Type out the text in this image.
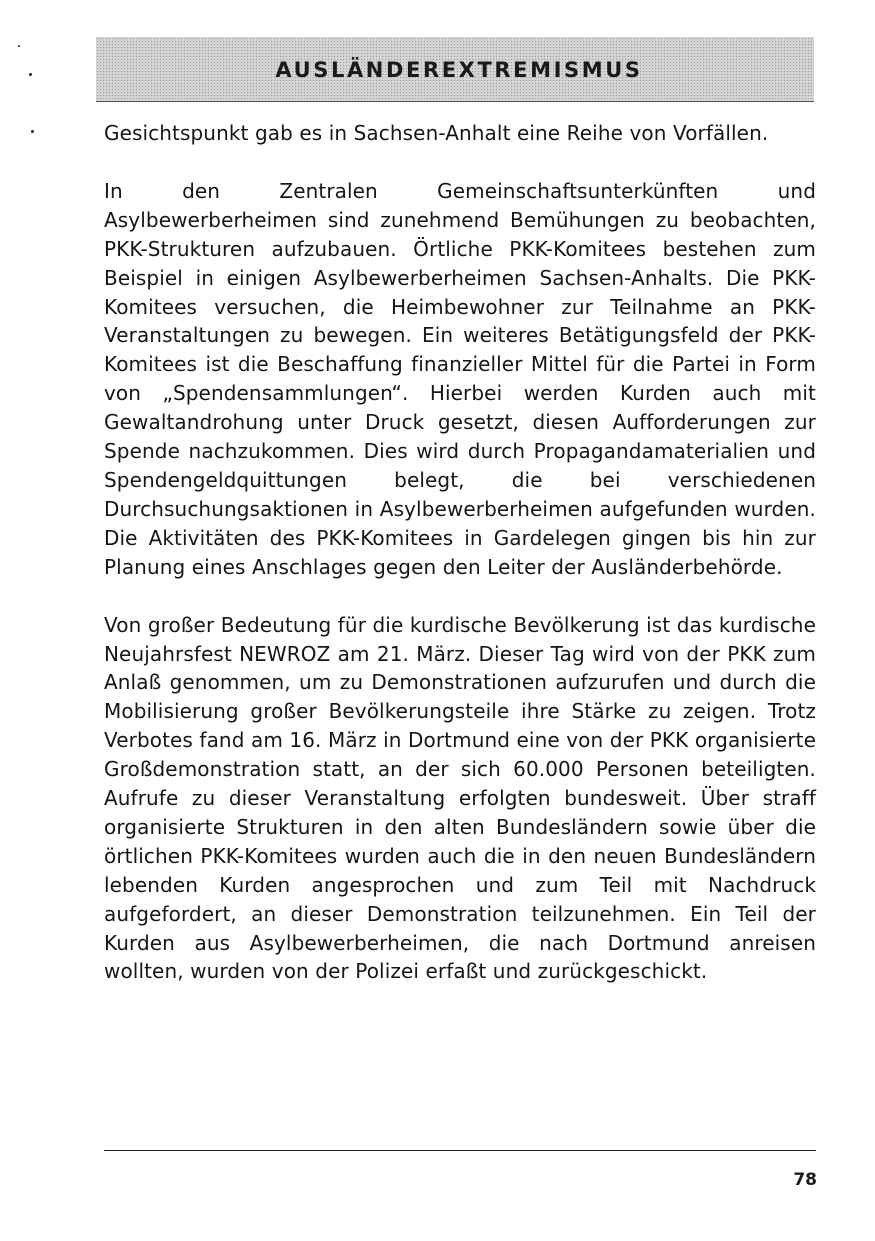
AUSLÄNDEREXTREMISMUS

Gesichtspunkt gab es in Sachsen-Anhalt eine Reihe von Vorfällen.

In den Zentralen Gemeinschaftsunterkünften und Asylbewerberheimen sind zunehmend Bemühungen zu beobachten, PKK-Strukturen aufzubauen. Örtliche PKK-Komitees bestehen zum Beispiel in einigen Asylbewerberheimen Sachsen-Anhalts. Die PKK-Komitees versuchen, die Heimbewohner zur Teilnahme an PKK-Veranstaltungen zu bewegen. Ein weiteres Betätigungsfeld der PKK-Komitees ist die Beschaffung finanzieller Mittel für die Partei in Form von „Spendensammlungen“. Hierbei werden Kurden auch mit Gewaltandrohung unter Druck gesetzt, diesen Aufforderungen zur Spende nachzukommen. Dies wird durch Propagandamaterialien und Spendengeldquittungen belegt, die bei verschiedenen Durchsuchungsaktionen in Asylbewerberheimen aufgefunden wurden. Die Aktivitäten des PKK-Komitees in Gardelegen gingen bis hin zur Planung eines Anschlages gegen den Leiter der Ausländerbehörde.

Von großer Bedeutung für die kurdische Bevölkerung ist das kurdische Neujahrsfest NEWROZ am 21. März. Dieser Tag wird von der PKK zum Anlaß genommen, um zu Demonstrationen aufzurufen und durch die Mobilisierung großer Bevölkerungsteile ihre Stärke zu zeigen. Trotz Verbotes fand am 16. März in Dortmund eine von der PKK organisierte Großdemonstration statt, an der sich 60.000 Personen beteiligten. Aufrufe zu dieser Veranstaltung erfolgten bundesweit. Über straff organisierte Strukturen in den alten Bundesländern sowie über die örtlichen PKK-Komitees wurden auch die in den neuen Bundesländern lebenden Kurden angesprochen und zum Teil mit Nachdruck aufgefordert, an dieser Demonstration teilzunehmen. Ein Teil der Kurden aus Asylbewerberheimen, die nach Dortmund anreisen wollten, wurden von der Polizei erfaßt und zurückgeschickt.

78
